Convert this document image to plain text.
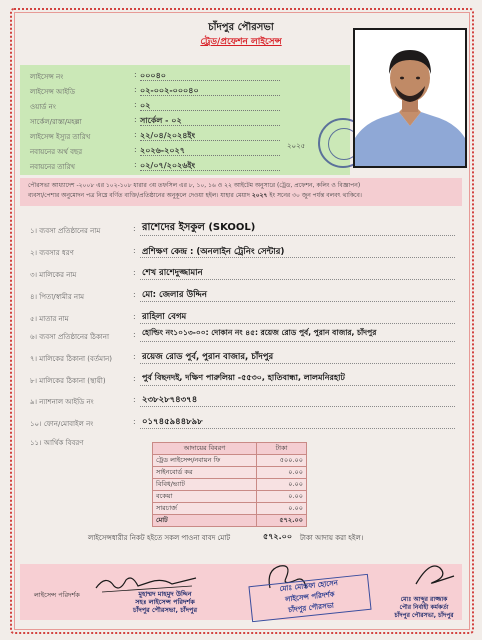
চাঁদপুর পৌরসভা
ট্রেড/প্রফেশন লাইসেন্স
লাইসেন্স নং	: ০০০৪০
লাইসেন্স আইডি	: ০২-০০২-০০০৪০
ওয়ার্ড নং	: ০২
সার্কেল/রাস্তা/মহল্লা	: সার্কেল - ০২
লাইসেন্স ইস্যুর তারিখ	: ২২/০৪/২০২৪ইং
নবায়নের অর্থ বছর	: ২০২৬-২০২৭
নবায়নের তারিখ	: ০২/০৭/২০২৬ইং
২০২৫
পৌরসভা আধ্যাদেশ -২০০৮ এর ১০২-১০৮ ধারার ৩য় তফসিল এর ৮, ১০, ১৬ ও ২২ আইটেম অনুসারে (ট্রেড, প্রফেশন, কলিং ও বিজ্ঞাপন)
ব্যবসা/পেশার অনুমোদন পত্র নিম্নে বর্ণিত ব্যক্তি/প্রতিষ্ঠানের অনুকূলে দেওয়া হইল। যাহার মেয়াদ ২০২৭ ইং সনের ৩০ জুন পর্যন্ত বলবৎ থাকিবে।
১। ব্যবসা প্রতিষ্ঠানের নাম	: রাশেদের ইসকুল (SKOOL)
২। ব্যবসার ধরণ	: প্রশিক্ষণ কেন্দ্র : (অনলাইন ট্রেনিং সেন্টার)
৩। মালিকের নাম	: শেখ রাশেদুজ্জামান
৪। পিতা/স্বামীর নাম	: মো: জেলার উদ্দিন
৫। মাতার নাম	: রাহিলা বেগম
৬। ব্যবসা প্রতিষ্ঠানের ঠিকানা	: হোল্ডিং নং১০১৩-০০: দোকান নং ৪৫: রয়েজ রোড পুর্ব, পুরান বাজার, চাঁদপুর
৭। মালিকের ঠিকানা (বর্তমান)	: রয়েজ রোড পুর্ব, পুরান বাজার, চাঁদপুর
৮। মালিকের ঠিকানা (স্থায়ী)	: পুর্ব বিছনদই, দক্ষিণ পারুলিয়া -৫৫৩০, হাতিবান্ধা, লালমনিরহাট
৯। ন্যাশনাল আইডি নং	: ২৩৮২৮৭৪৩৭৪
১০। ফোন/মোবাইল নং	: ০১৭৪৫৯৪৪৮৯৮
১১। আর্থিক বিবরণ
আদায়ের বিবরণ	টাকা
ট্রেড লাইসেন্স/নবায়ন ফি	৫০০.০০
সাইনবোর্ড কর	০.০০
বিবিধ/ভ্যাট	০.০০
বকেয়া	০.০০
সারচার্জ	০.০০
মোট	৫৭২.০০
লাইসেন্সধারীর নিকট হইতে সকল পাওনা বাবদ মোট	৫৭২.০০ টাকা আদায় করা হইল।
লাইসেন্স পরিদর্শক	মুহাম্মদ মাহমুদ উদ্দিন
সহঃ লাইসেন্স পরিদর্শক
চাঁদপুর পৌরসভা, চাঁদপুর
মোঃ মোস্তফা হোসেন
লাইসেন্স পরিদর্শক
চাঁদপুর পৌরসভা
মোঃ আব্দুর রাজ্জাক
পৌর নির্বাহী কর্মকর্তা
চাঁদপুর পৌরসভা, চাঁদপুর
